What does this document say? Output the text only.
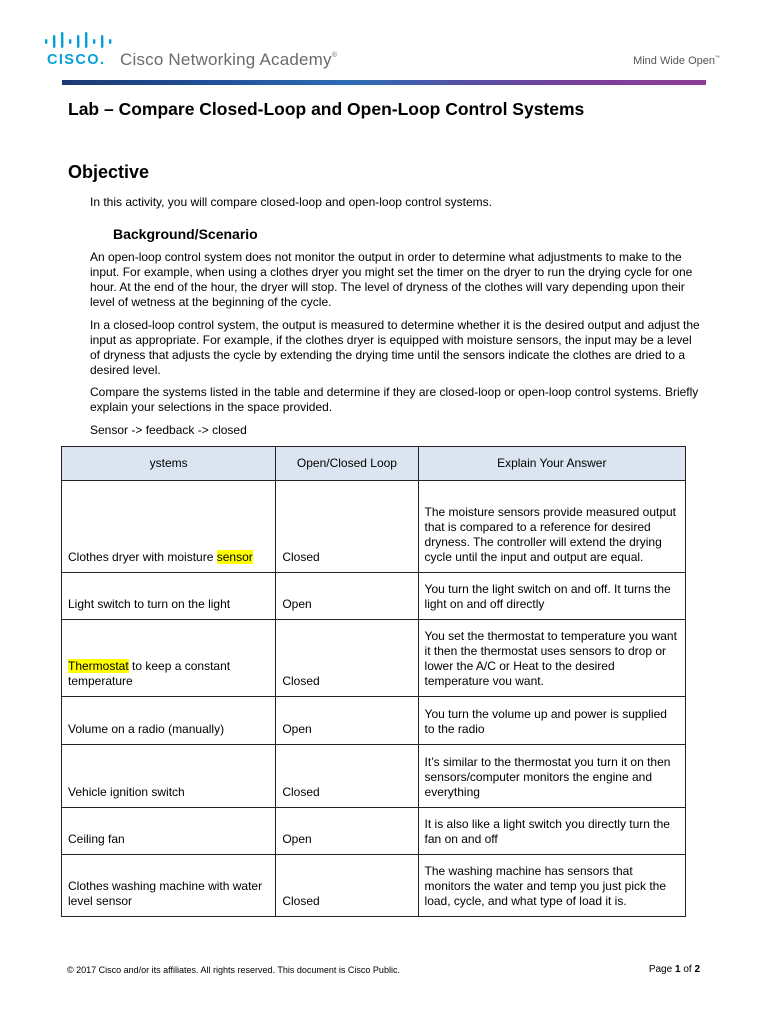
CISCO. Cisco Networking Academy®	Mind Wide Open™
Lab – Compare Closed-Loop and Open-Loop Control Systems
Objective
In this activity, you will compare closed-loop and open-loop control systems.
Background/Scenario
An open-loop control system does not monitor the output in order to determine what adjustments to make to the input. For example, when using a clothes dryer you might set the timer on the dryer to run the drying cycle for one hour. At the end of the hour, the dryer will stop. The level of dryness of the clothes will vary depending upon their level of wetness at the beginning of the cycle.
In a closed-loop control system, the output is measured to determine whether it is the desired output and adjust the input as appropriate. For example, if the clothes dryer is equipped with moisture sensors, the input may be a level of dryness that adjusts the cycle by extending the drying time until the sensors indicate the clothes are dried to a desired level.
Compare the systems listed in the table and determine if they are closed-loop or open-loop control systems. Briefly explain your selections in the space provided.
Sensor -> feedback -> closed
ystems	Open/Closed Loop	Explain Your Answer
Clothes dryer with moisture sensor	Closed	The moisture sensors provide measured output that is compared to a reference for desired dryness. The controller will extend the drying cycle until the input and output are equal.
Light switch to turn on the light	Open	You turn the light switch on and off. It turns the light on and off directly
Thermostat to keep a constant temperature	Closed	You set the thermostat to temperature you want it then the thermostat uses sensors to drop or lower the A/C or Heat to the desired temperature vou want.
Volume on a radio (manually)	Open	You turn the volume up and power is supplied to the radio
Vehicle ignition switch	Closed	It’s similar to the thermostat you turn it on then sensors/computer monitors the engine and everything
Ceiling fan	Open	It is also like a light switch you directly turn the fan on and off
Clothes washing machine with water level sensor	Closed	The washing machine has sensors that monitors the water and temp you just pick the load, cycle, and what type of load it is.
© 2017 Cisco and/or its affiliates. All rights reserved. This document is Cisco Public.	Page 1 of 2
